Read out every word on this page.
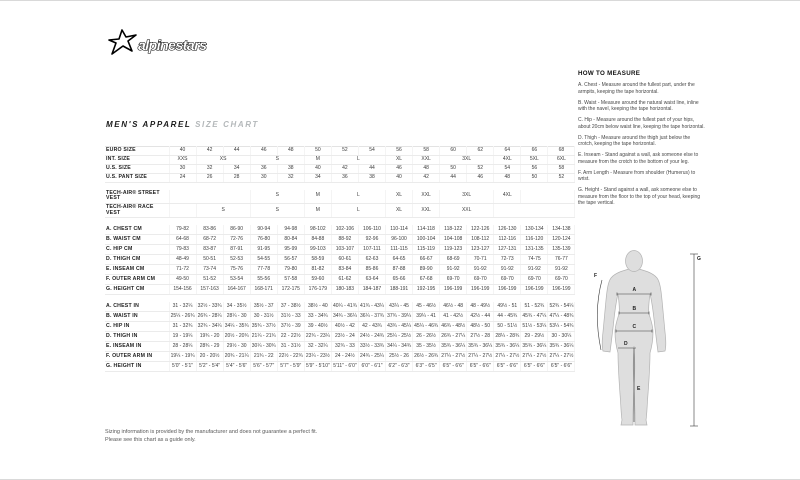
alpinestars
MEN'S APPAREL SIZE CHART
EURO SIZE	40	42	44	46	48	50	52	54	56	58	60	62	64	66	68
INT. SIZE	XXS	XS		S		M	L		XL	XXL	3XL		4XL	5XL	6XL
U.S. SIZE	30	32	34	36	38	40	42	44	46	48	50	52	54	56	58
U.S. PANT SIZE	24	26	28	30	32	34	36	38	40	42	44	46	48	50	52

TECH-AIR® STREET VEST				S		M	L		XL	XXL	3XL		4XL		
TECH-AIR® RACE VEST		S		S		M	L		XL	XXL	XXL				

A. CHEST CM	79-82	83-86	86-90	90-94	94-98	98-102	102-106	106-110	110-114	114-118	118-122	122-126	126-130	130-134	134-138
B. WAIST CM	64-68	68-72	72-76	76-80	80-84	84-88	88-92	92-96	96-100	100-104	104-108	108-112	112-116	116-120	120-124
C. HIP CM	79-83	83-87	87-91	91-95	95-99	99-103	103-107	107-111	111-115	115-119	119-123	123-127	127-131	131-135	135-139
D. THIGH CM	48-49	50-51	52-53	54-55	56-57	58-59	60-61	62-63	64-65	66-67	68-69	70-71	72-73	74-75	76-77
E. INSEAM CM	71-72	73-74	75-76	77-78	79-80	81-82	83-84	85-86	87-88	89-90	91-92	91-92	91-92	91-92	91-92
F. OUTER ARM CM	49-50	51-52	53-54	55-56	57-58	59-60	61-62	63-64	65-66	67-68	69-70	69-70	69-70	69-70	69-70
G. HEIGHT CM	154-156	157-163	164-167	168-171	172-175	176-179	180-183	184-187	188-191	192-195	196-199	196-199	196-199	196-199	196-199

A. CHEST IN	31 - 32¼	32½ - 33¾	34 - 35½	35½ - 37	37 - 38½	38½ - 40	40¼ - 41¾	41¾ - 43¼	43¼ - 45	45 - 46½	46½ - 48	48 - 49½	49½ - 51	51 - 52¾	52¾ - 54¼
B. WAIST IN	25¼ - 26¾	26¾ - 28¼	28¼ - 30	30 - 31½	31½ - 33	33 - 34¾	34¾ - 36¼	36¼ - 37¾	37¾ - 39¼	39¼ - 41	41 - 42½	42½ - 44	44 - 45¾	45¾ - 47¼	47¼ - 48¾
C. HIP IN	31 - 32¾	32¾ - 34¼	34¼ - 35¾	35¾ - 37½	37½ - 39	39 - 40½	40½ - 42	42 - 43¾	43¾ - 45¼	45¼ - 46¾	46¾ - 48½	48½ - 50	50 - 51½	51½ - 53¼	53¼ - 54¾
D. THIGH IN	19 - 19¼	19¾ - 20	20½ - 20¾	21¼ - 21¾	22 - 22½	22¾ - 23¼	23½ - 24	24½ - 24¾	25¼ - 25½	26 - 26½	26¾ - 27¼	27½ - 28	28¼ - 28¾	29 - 29½	30 - 30¼
E. INSEAM IN	28 - 28¼	28¾ - 29	29½ - 30	30¼ - 30¾	31 - 31½	32 - 32¼	32¾ - 33	33½ - 33¾	34¼ - 34¾	35 - 35½	35¾ - 36¼	35¾ - 36¼	35¾ - 36¼	35¾ - 36¼	35¾ - 36¼
F. OUTER ARM IN	19¼ - 19¾	20 - 20½	20¾ - 21¼	21¾ - 22	22½ - 22¾	23¼ - 23½	24 - 24½	24¾ - 25¼	25½ - 26	26½ - 26¾	27¼ - 27½	27¼ - 27½	27¼ - 27½	27¼ - 27½	27¼ - 27½
G. HEIGHT IN	5'0" - 5'1"	5'2" - 5'4"	5'4" - 5'6"	5'6" - 5'7"	5'7" - 5'9"	5'9" - 5'10"	5'11" - 6'0"	6'0" - 6'1"	6'2" - 6'3"	6'3" - 6'5"	6'5" - 6'6"	6'5" - 6'6"	6'5" - 6'6"	6'5" - 6'6"	6'5" - 6'6"
HOW TO MEASURE

A. Chest - Measure around the fullest part, under the armpits, keeping the tape horizontal.

B. Waist - Measure around the natural waist line, inline with the navel, keeping the tape horizontal.

C. Hip - Measure around the fullest part of your hips, about 20cm below waist line, keeping the tape horizontal.

D. Thigh - Measure around the thigh just below the crotch, keeping the tape horizontal.

E. Inseam - Stand against a wall, ask someone else to measure from the crotch to the bottom of your leg.

F. Arm Length - Measure from shoulder (Humerus) to wrist.

G. Height - Stand against a wall, ask someone else to measure from the floor to the top of your head, keeping the tape vertical.

A
B
C
D
E
F
G
Sizing information is provided by the manufacturer and does not guarantee a perfect fit.
Please see this chart as a guide only.
